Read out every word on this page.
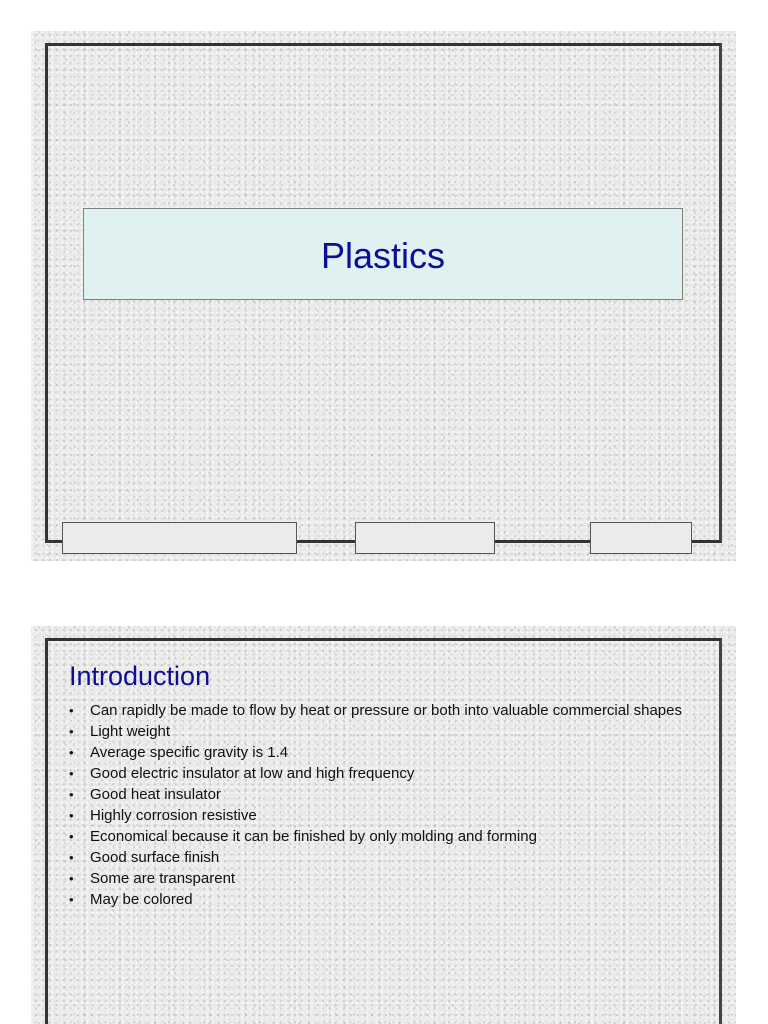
Plastics
Introduction
• Can rapidly be made to flow by heat or pressure or both into valuable commercial shapes
• Light weight
• Average specific gravity is 1.4
• Good electric insulator at low and high frequency
• Good heat insulator
• Highly corrosion resistive
• Economical because it can be finished by only molding and forming
• Good surface finish
• Some are transparent
• May be colored
